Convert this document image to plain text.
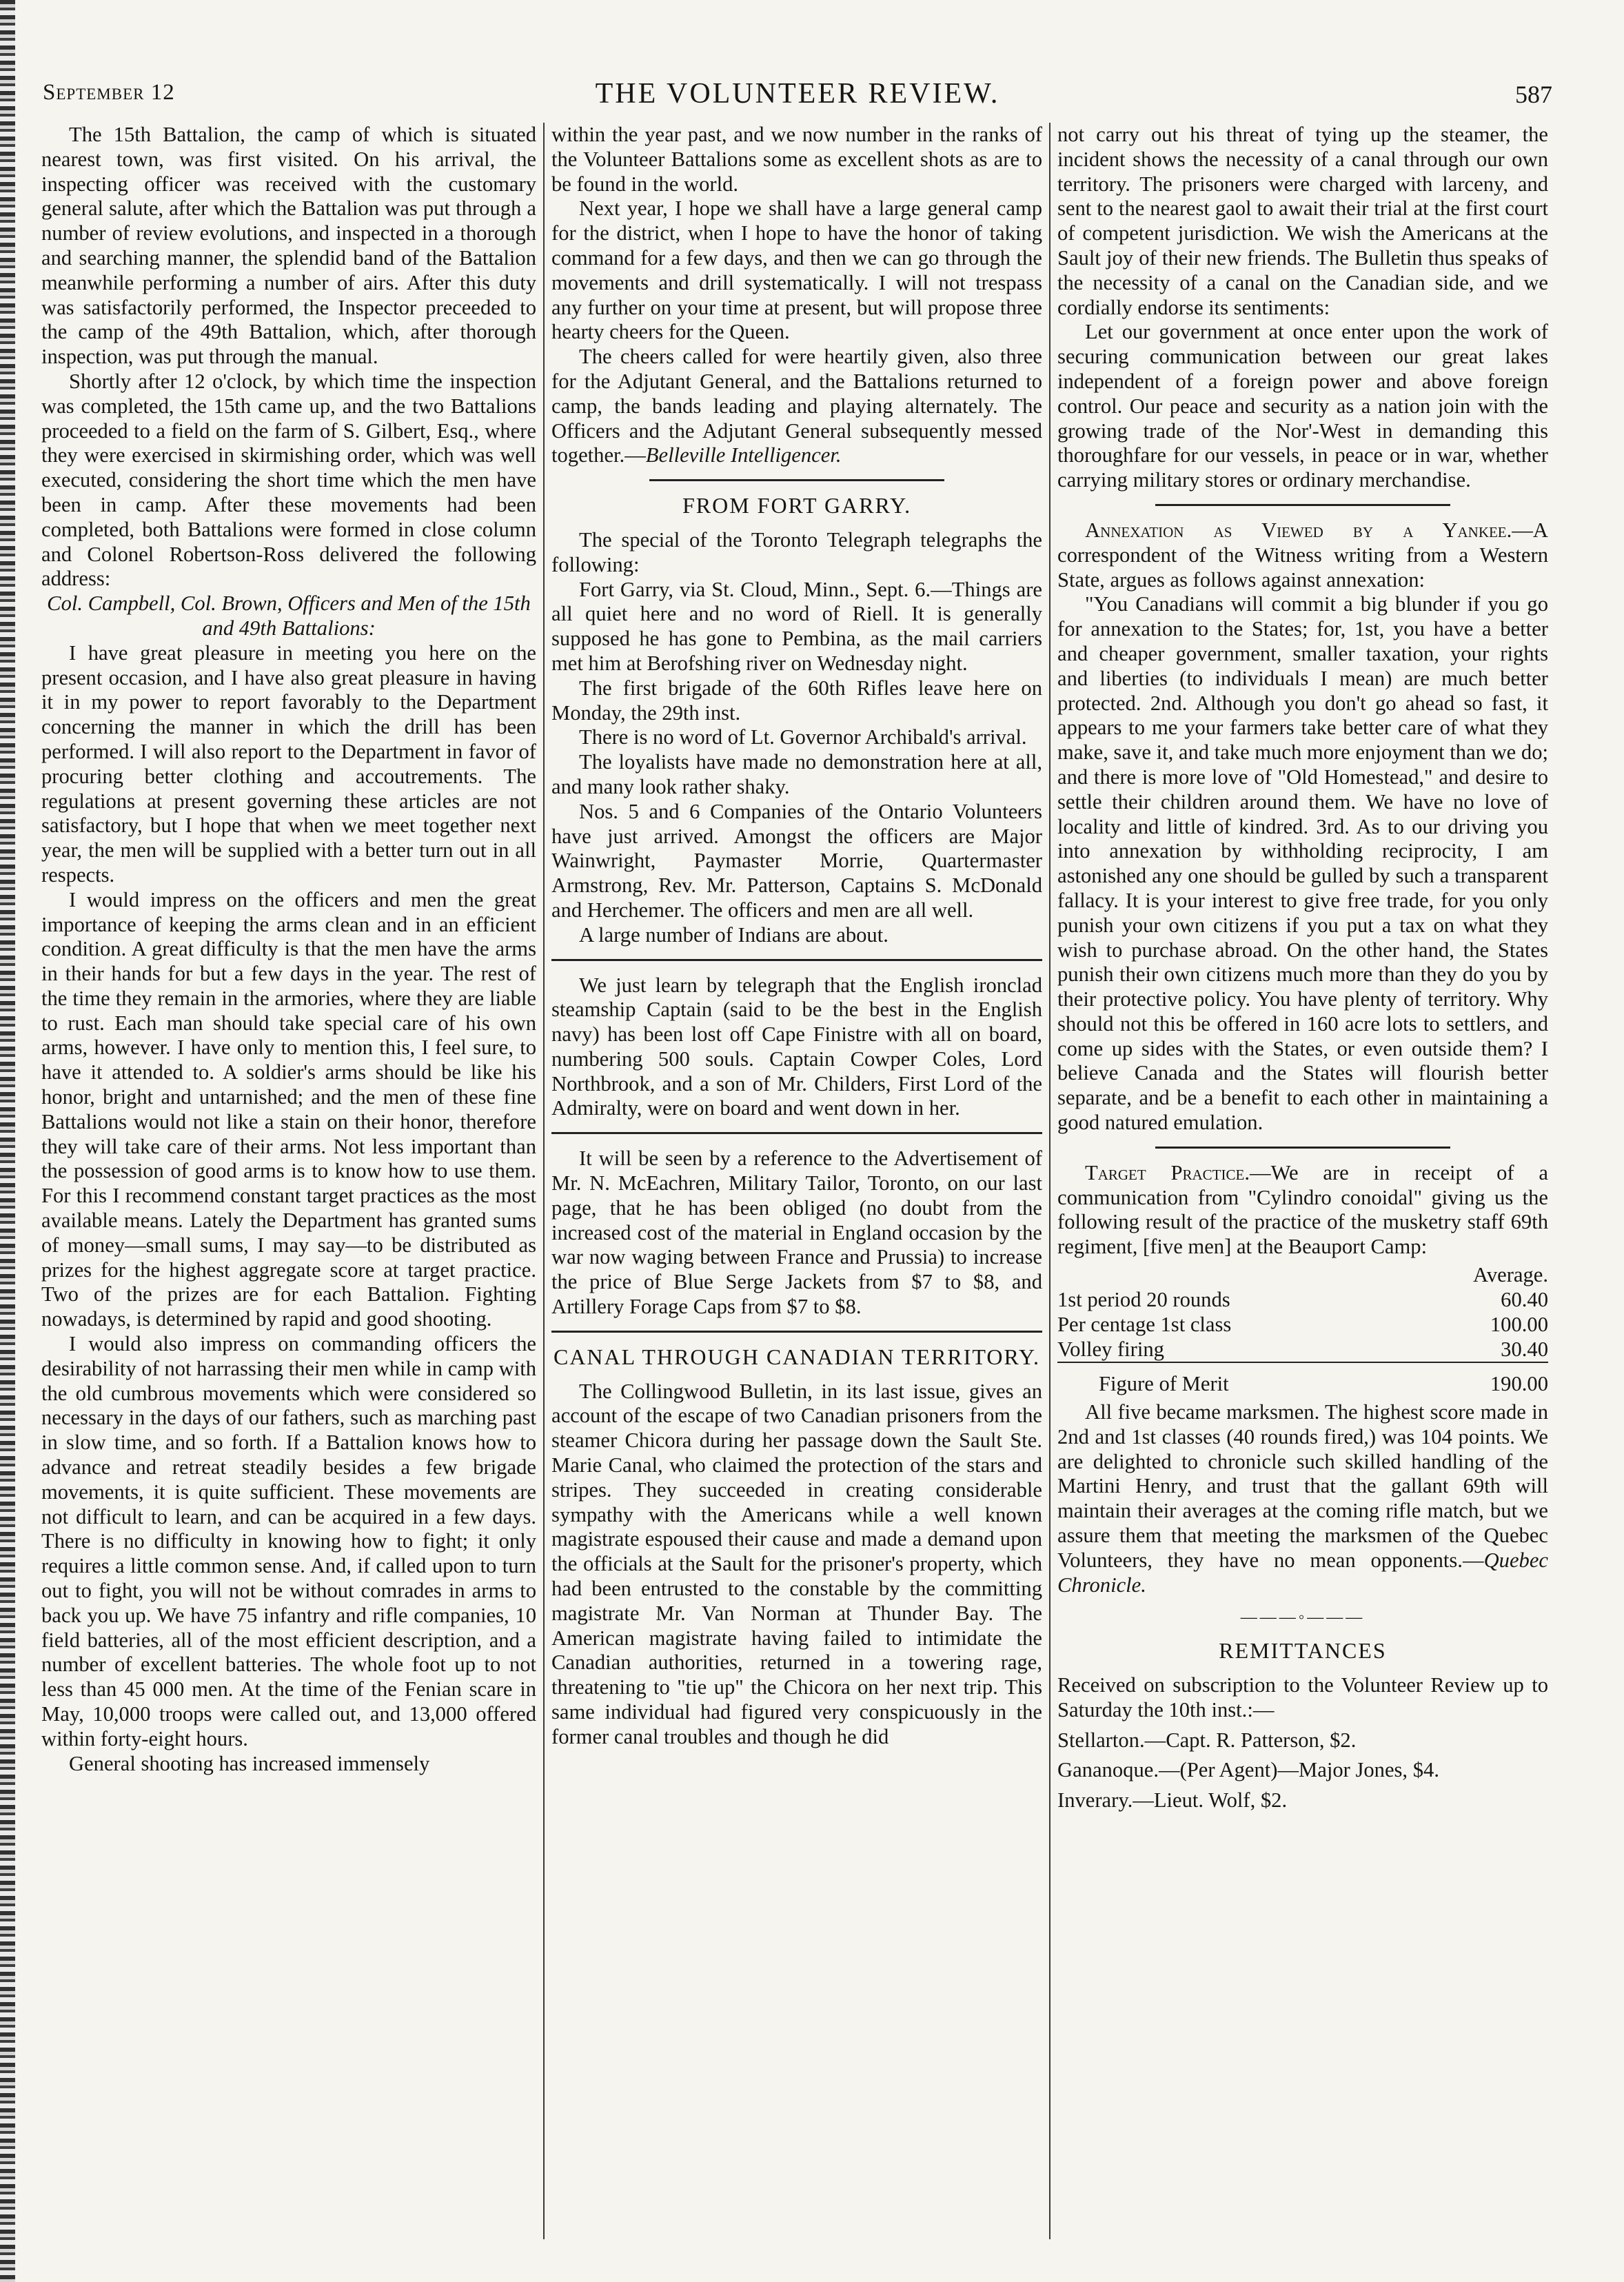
September 12	THE VOLUNTEER REVIEW.	587

The 15th Battalion, the camp of which is situated nearest town, was first visited. On his arrival, the inspecting officer was received with the customary general salute, after which the Battalion was put through a number of review evolutions, and inspected in a thorough and searching manner, the splendid band of the Battalion meanwhile performing a number of airs. After this duty was satisfactorily performed, the Inspector preceeded to the camp of the 49th Battalion, which, after thorough inspection, was put through the manual.

Shortly after 12 o'clock, by which time the inspection was completed, the 15th came up, and the two Battalions proceeded to a field on the farm of S. Gilbert, Esq., where they were exercised in skirmishing order, which was well executed, considering the short time which the men have been in camp. After these movements had been completed, both Battalions were formed in close column and Colonel Robertson-Ross delivered the following address:

Col. Campbell, Col. Brown, Officers and Men of the 15th and 49th Battalions:

I have great pleasure in meeting you here on the present occasion, and I have also great pleasure in having it in my power to report favorably to the Department concerning the manner in which the drill has been performed. I will also report to the Department in favor of procuring better clothing and accoutrements. The regulations at present governing these articles are not satisfactory, but I hope that when we meet together next year, the men will be supplied with a better turn out in all respects.

I would impress on the officers and men the great importance of keeping the arms clean and in an efficient condition. A great difficulty is that the men have the arms in their hands for but a few days in the year. The rest of the time they remain in the armories, where they are liable to rust. Each man should take special care of his own arms, however. I have only to mention this, I feel sure, to have it attended to. A soldier's arms should be like his honor, bright and untarnished; and the men of these fine Battalions would not like a stain on their honor, therefore they will take care of their arms. Not less important than the possession of good arms is to know how to use them. For this I recommend constant target practices as the most available means. Lately the Department has granted sums of money—small sums, I may say—to be distributed as prizes for the highest aggregate score at target practice. Two of the prizes are for each Battalion. Fighting nowadays, is determined by rapid and good shooting.

I would also impress on commanding officers the desirability of not harrassing their men while in camp with the old cumbrous movements which were considered so necessary in the days of our fathers, such as marching past in slow time, and so forth. If a Battalion knows how to advance and retreat steadily besides a few brigade movements, it is quite sufficient. These movements are not difficult to learn, and can be acquired in a few days. There is no difficulty in knowing how to fight; it only requires a little common sense. And, if called upon to turn out to fight, you will not be without comrades in arms to back you up. We have 75 infantry and rifle companies, 10 field batteries, all of the most efficient description, and a number of excellent batteries. The whole foot up to not less than 45 000 men. At the time of the Fenian scare in May, 10,000 troops were called out, and 13,000 offered within forty-eight hours.

General shooting has increased immensely

within the year past, and we now number in the ranks of the Volunteer Battalions some as excellent shots as are to be found in the world.

Next year, I hope we shall have a large general camp for the district, when I hope to have the honor of taking command for a few days, and then we can go through the movements and drill systematically. I will not trespass any further on your time at present, but will propose three hearty cheers for the Queen.

The cheers called for were heartily given, also three for the Adjutant General, and the Battalions returned to camp, the bands leading and playing alternately. The Officers and the Adjutant General subsequently messed together.—Belleville Intelligencer.

FROM FORT GARRY.

The special of the Toronto Telegraph telegraphs the following:

Fort Garry, via St. Cloud, Minn., Sept. 6.—Things are all quiet here and no word of Riell. It is generally supposed he has gone to Pembina, as the mail carriers met him at Berofshing river on Wednesday night.

The first brigade of the 60th Rifles leave here on Monday, the 29th inst.

There is no word of Lt. Governor Archibald's arrival.

The loyalists have made no demonstration here at all, and many look rather shaky.

Nos. 5 and 6 Companies of the Ontario Volunteers have just arrived. Amongst the officers are Major Wainwright, Paymaster Morrie, Quartermaster Armstrong, Rev. Mr. Patterson, Captains S. McDonald and Herchemer. The officers and men are all well.

A large number of Indians are about.

We just learn by telegraph that the English ironclad steamship Captain (said to be the best in the English navy) has been lost off Cape Finistre with all on board, numbering 500 souls. Captain Cowper Coles, Lord Northbrook, and a son of Mr. Childers, First Lord of the Admiralty, were on board and went down in her.

It will be seen by a reference to the Advertisement of Mr. N. McEachren, Military Tailor, Toronto, on our last page, that he has been obliged (no doubt from the increased cost of the material in England occasion by the war now waging between France and Prussia) to increase the price of Blue Serge Jackets from $7 to $8, and Artillery Forage Caps from $7 to $8.

CANAL THROUGH CANADIAN TERRITORY.

The Collingwood Bulletin, in its last issue, gives an account of the escape of two Canadian prisoners from the steamer Chicora during her passage down the Sault Ste. Marie Canal, who claimed the protection of the stars and stripes. They succeeded in creating considerable sympathy with the Americans while a well known magistrate espoused their cause and made a demand upon the officials at the Sault for the prisoner's property, which had been entrusted to the constable by the committing magistrate Mr. Van Norman at Thunder Bay. The American magistrate having failed to intimidate the Canadian authorities, returned in a towering rage, threatening to "tie up" the Chicora on her next trip. This same individual had figured very conspicuously in the former canal troubles and though he did

not carry out his threat of tying up the steamer, the incident shows the necessity of a canal through our own territory. The prisoners were charged with larceny, and sent to the nearest gaol to await their trial at the first court of competent jurisdiction. We wish the Americans at the Sault joy of their new friends. The Bulletin thus speaks of the necessity of a canal on the Canadian side, and we cordially endorse its sentiments:

Let our government at once enter upon the work of securing communication between our great lakes independent of a foreign power and above foreign control. Our peace and security as a nation join with the growing trade of the Nor'-West in demanding this thoroughfare for our vessels, in peace or in war, whether carrying military stores or ordinary merchandise.

Annexation as Viewed by a Yankee.—A correspondent of the Witness writing from a Western State, argues as follows against annexation:

"You Canadians will commit a big blunder if you go for annexation to the States; for, 1st, you have a better and cheaper government, smaller taxation, your rights and liberties (to individuals I mean) are much better protected. 2nd. Although you don't go ahead so fast, it appears to me your farmers take better care of what they make, save it, and take much more enjoyment than we do; and there is more love of "Old Homestead," and desire to settle their children around them. We have no love of locality and little of kindred. 3rd. As to our driving you into annexation by withholding reciprocity, I am astonished any one should be gulled by such a transparent fallacy. It is your interest to give free trade, for you only punish your own citizens if you put a tax on what they wish to purchase abroad. On the other hand, the States punish their own citizens much more than they do you by their protective policy. You have plenty of territory. Why should not this be offered in 160 acre lots to settlers, and come up sides with the States, or even outside them? I believe Canada and the States will flourish better separate, and be a benefit to each other in maintaining a good natured emulation.

Target Practice.—We are in receipt of a communication from "Cylindro conoidal" giving us the following result of the practice of the musketry staff 69th regiment, [five men] at the Beauport Camp:

	Average.
1st period 20 rounds	60.40
Per centage 1st class	100.00
Volley firing	30.40
Figure of Merit	190.00

All five became marksmen. The highest score made in 2nd and 1st classes (40 rounds fired,) was 104 points. We are delighted to chronicle such skilled handling of the Martini Henry, and trust that the gallant 69th will maintain their averages at the coming rifle match, but we assure them that meeting the marksmen of the Quebec Volunteers, they have no mean opponents.—Quebec Chronicle.

———◦———
REMITTANCES

Received on subscription to the Volunteer Review up to Saturday the 10th inst.:—

Stellarton.—Capt. R. Patterson, $2.

Gananoque.—(Per Agent)—Major Jones, $4.

Inverary.—Lieut. Wolf, $2.
